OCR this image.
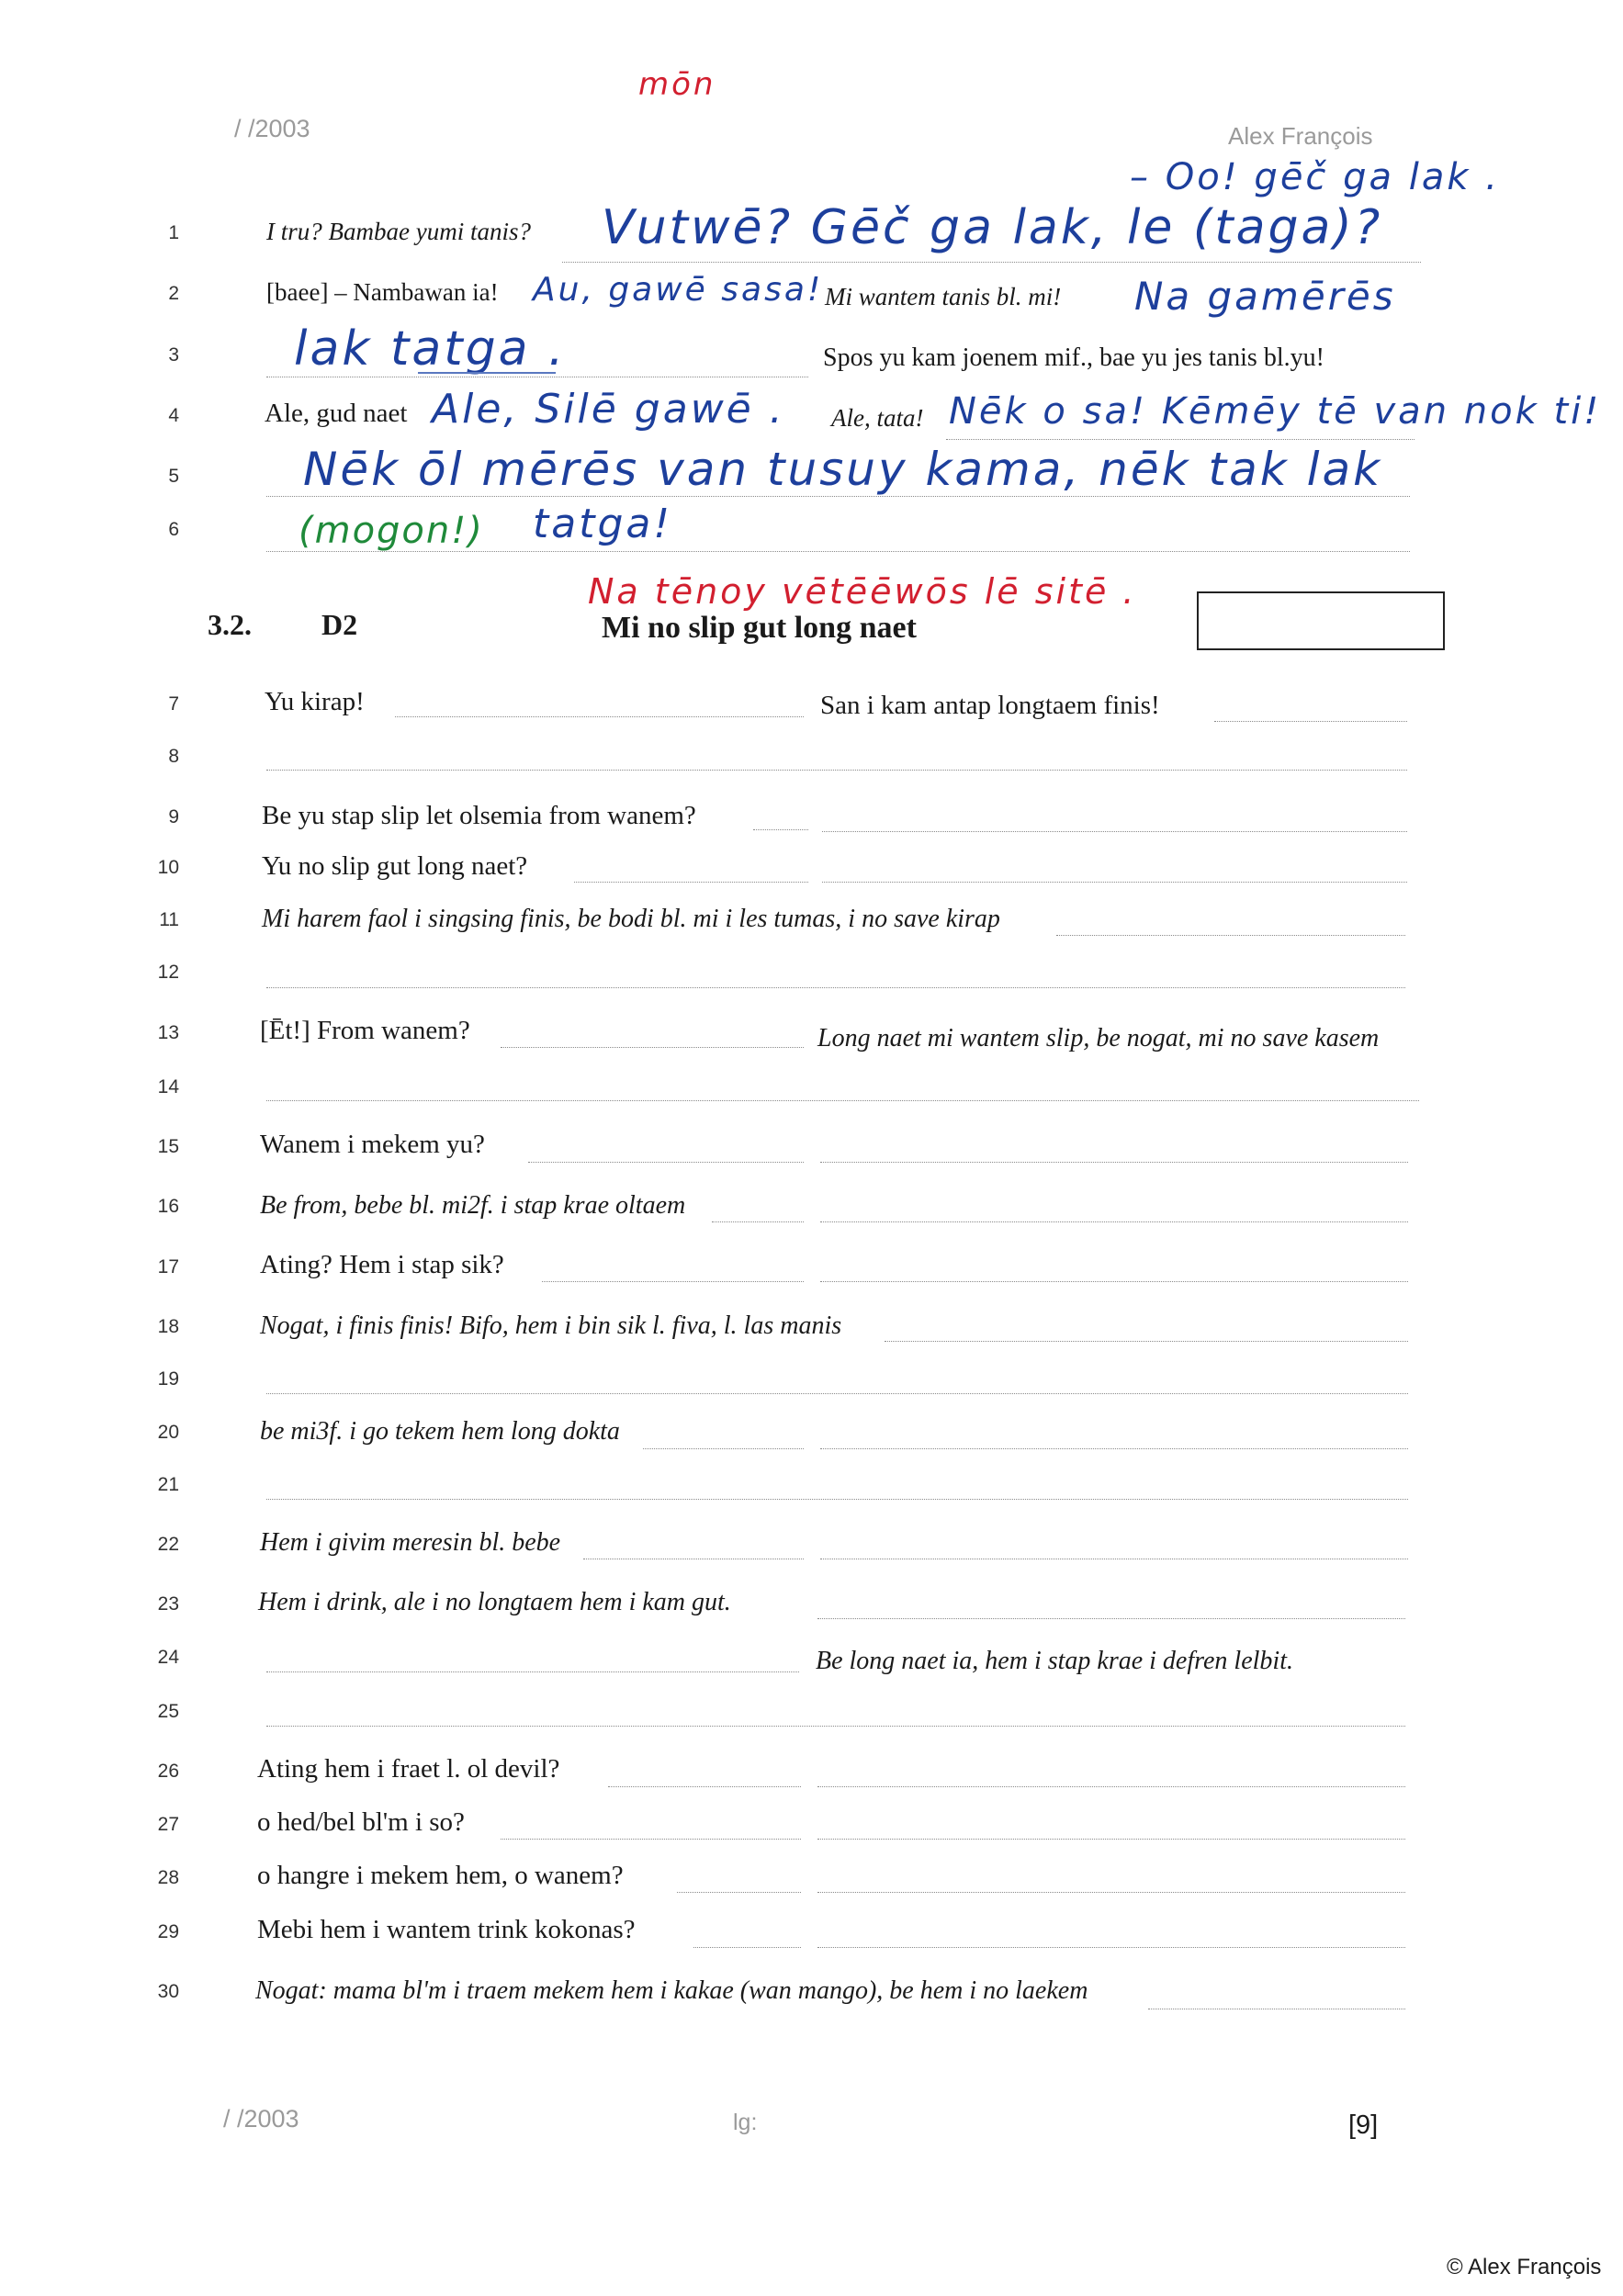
/ /2003	Alex François
mōn
– Oo! gēč ga lak .
1	I tru? Bambae yumi tanis? Vutwē? Gēč ga lak, le (taga)?
2	[baee] – Nambawan ia! Au, gawē sasa! Mi wantem tanis bl. mi! Na gamērēs
3 lak tatga .	Spos yu kam joenem mif., bae yu jes tanis bl.yu!
4	Ale, gud naet Ale, Silē gawē . Ale, tata! Nēk o sa! Kēmēy tē van nok ti!
5	Nēk ōl mērēs van tusuy kama, nēk tak lak
6	(mogon!) tatga!
Na tēnoy vētēēwōs lē sitē .
3.2. D2	Mi no slip gut long naet
7	Yu kirap!	San i kam antap longtaem finis!
8
9	Be yu stap slip let olsemia from wanem?
10	Yu no slip gut long naet?
11	Mi harem faol i singsing finis, be bodi bl. mi i les tumas, i no save kirap
12
13	[Ēt!] From wanem?	Long naet mi wantem slip, be nogat, mi no save kasem
14
15	Wanem i mekem yu?
16	Be from, bebe bl. mi2f. i stap krae oltaem
17	Ating? Hem i stap sik?
18	Nogat, i finis finis! Bifo, hem i bin sik l. fiva, l. las manis
19
20	be mi3f. i go tekem hem long dokta
21
22	Hem i givim meresin bl. bebe
23	Hem i drink, ale i no longtaem hem i kam gut.
24	Be long naet ia, hem i stap krae i defren lelbit.
25
26	Ating hem i fraet l. ol devil?
27	o hed/bel bl'm i so?
28	o hangre i mekem hem, o wanem?
29	Mebi hem i wantem trink kokonas?
30	Nogat: mama bl'm i traem mekem hem i kakae (wan mango), be hem i no laekem
/ /2003	lg:	[9]
© Alex François
